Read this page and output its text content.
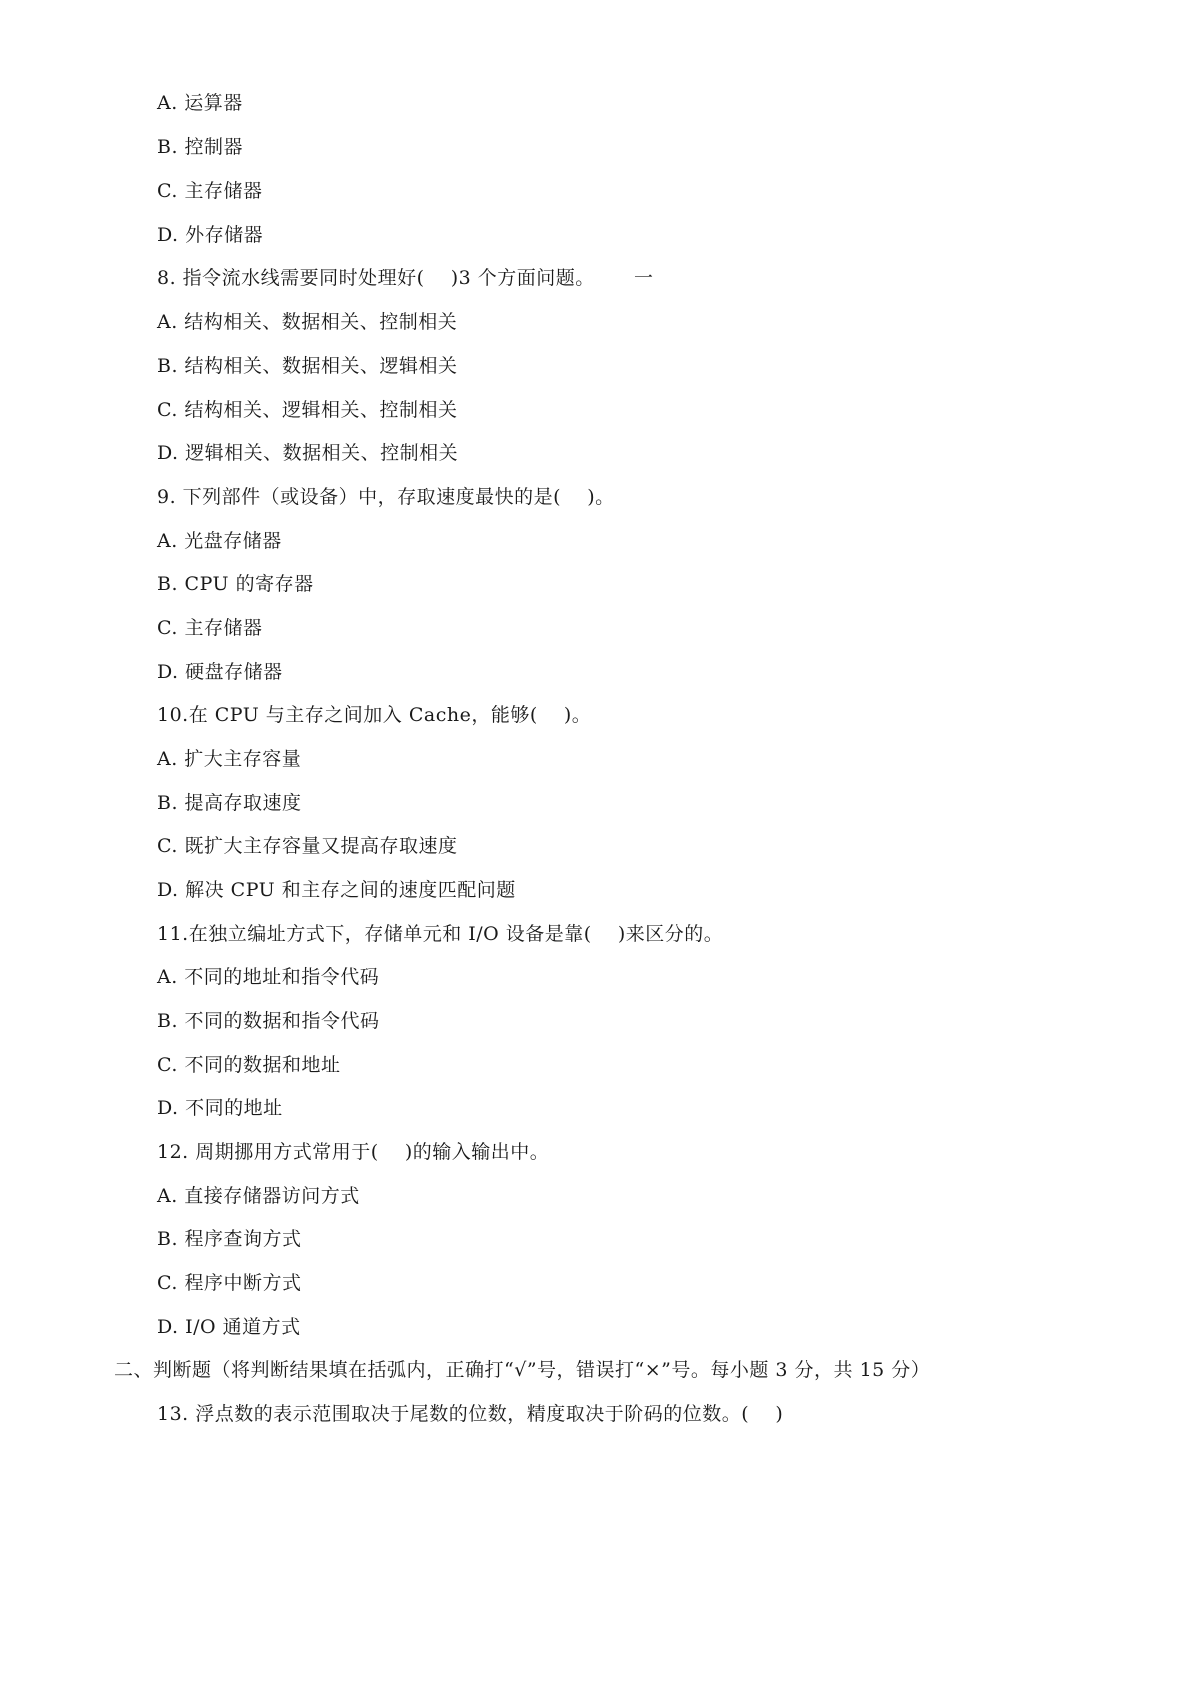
A. 运算器
B. 控制器
C. 主存储器
D. 外存储器
8. 指令流水线需要同时处理好(    )3 个方面问题。      一
A. 结构相关、数据相关、控制相关
B. 结构相关、数据相关、逻辑相关
C. 结构相关、逻辑相关、控制相关
D. 逻辑相关、数据相关、控制相关
9. 下列部件（或设备）中，存取速度最快的是(    )。
A. 光盘存储器
B. CPU 的寄存器
C. 主存储器
D. 硬盘存储器
10.在 CPU 与主存之间加入 Cache，能够(    )。
A. 扩大主存容量
B. 提高存取速度
C. 既扩大主存容量又提高存取速度
D. 解决 CPU 和主存之间的速度匹配问题
11.在独立编址方式下，存储单元和 I/O 设备是靠(    )来区分的。
A. 不同的地址和指令代码
B. 不同的数据和指令代码
C. 不同的数据和地址
D. 不同的地址
12. 周期挪用方式常用于(    )的输入输出中。
A. 直接存储器访问方式
B. 程序查询方式
C. 程序中断方式
D. I/O 通道方式
二、判断题（将判断结果填在括弧内，正确打“√”号，错误打“×”号。每小题 3 分，共 15 分）
13. 浮点数的表示范围取决于尾数的位数，精度取决于阶码的位数。(    )
